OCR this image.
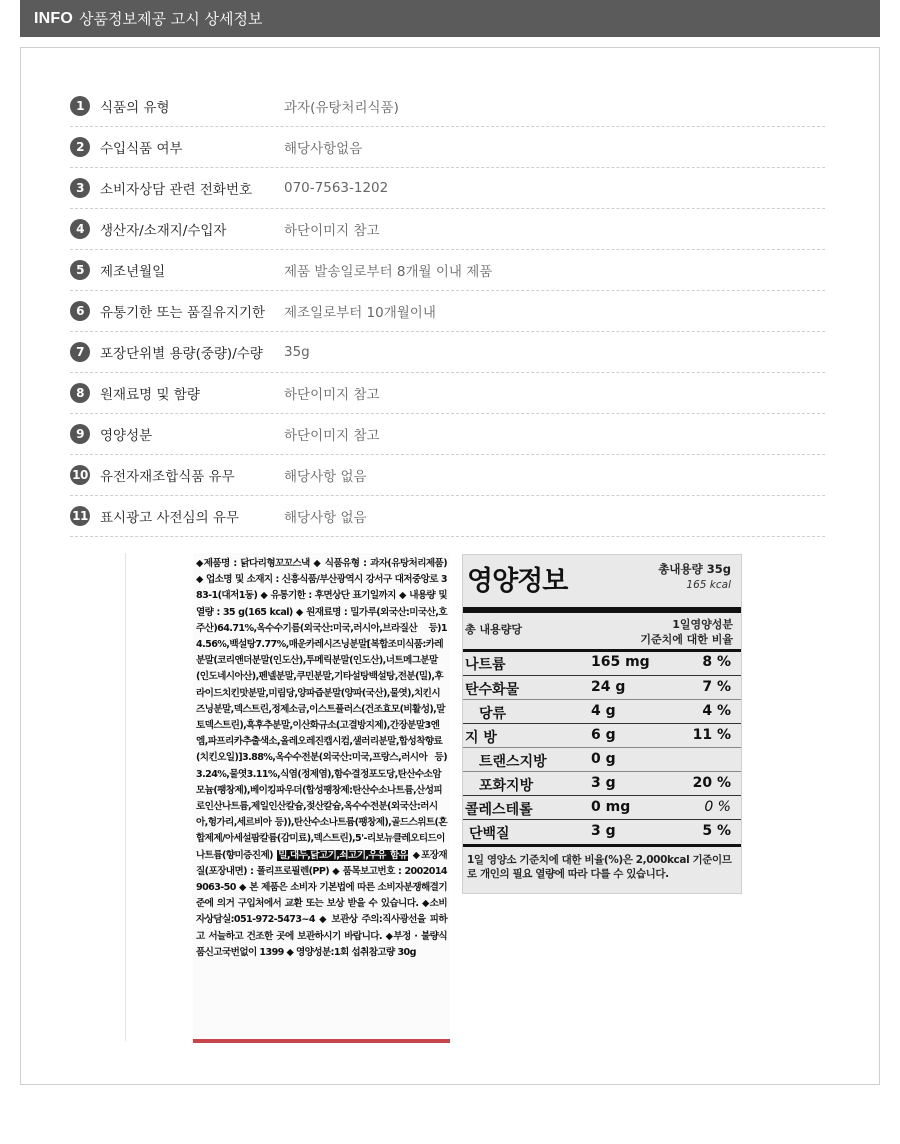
INFO 상품정보제공 고시 상세정보
1	식품의 유형	과자(유탕처리식품)
2	수입식품 여부	해당사항없음
3	소비자상담 관련 전화번호	070-7563-1202
4	생산자/소재지/수입자	하단이미지 참고
5	제조년월일	제품 발송일로부터 8개월 이내 제품
6	유통기한 또는 품질유지기한	제조일로부터 10개월이내
7	포장단위별 용량(중량)/수량	35g
8	원재료명 및 함량	하단이미지 참고
9	영양성분	하단이미지 참고
10 유전자재조합식품 유무	해당사항 없음
11 표시광고 사전심의 유무	해당사항 없음
◆제품명 : 닭다리형꼬꼬스낵 ◆ 식품유형 : 과자(유탕처리제품) ◆ 업소명 및 소재지 : 신흥식품/부산광역시 강서구 대저중앙로 383-1(대저1동) ◆ 유통기한 : 후면상단 표기일까지 ◆ 내용량 및 열량 : 35 g(165 kcal) ◆ 원재료명 : 밀가루(외국산:미국산,호주산)64.71%,옥수수기름(외국산:미국,러시아,브라질산 등)14.56%,백설탕7.77%,매운카레시즈닝분말[복합조미식품:카레분말(코리앤더분말(인도산),투메릭분말(인도산),너트메그분말(인도네시아산),펜넬분말,쿠민분말,기타설탕백설탕,전분(밀),후라이드치킨맛분말,미림당,양파즙분말(양파(국산),물엿),치킨시즈닝분말,덱스트린,정제소금,이스트플러스(건조효모(비활성),말토덱스트린),흑후추분말,이산화규소(고결방지제),간장분말3엔엠,파프리카추출색소,올레오레진캡시컴,샐러리분말,합성착향료(치킨오일)]3.88%,옥수수전분(외국산:미국,프랑스,러시아 등)3.24%,물엿3.11%,식염(정제염),함수결정포도당,탄산수소암모늄(팽창제),베이킹파우더(합성팽창제:탄산수소나트륨,산성피로인산나트륨,제일인산칼슘,젖산칼슘,옥수수전분(외국산:러시아,헝가리,세르비아 등)),탄산수소나트륨(팽창제),골드스위트(혼합제제/아세설팜칼륨(감미료),덱스트린),5'-리보뉴클레오티드이나트륨(향미증진제) 밀,대두,닭고기,쇠고기,우유 함유 ◆포장재질(포장내면) : 폴리프로필렌(PP) ◆ 품목보고번호 : 20020149063-50 ◆ 본 제품은 소비자 기본법에 따른 소비자분쟁해결기준에 의거 구입처에서 교환 또는 보상 받을 수 있습니다. ◆소비자상담실:051-972-5473~4 ◆ 보관상 주의:직사광선을 피하고 서늘하고 건조한 곳에 보관하시기 바랍니다. ◆부정 · 불량식품신고국번없이 1399 ◆ 영양성분:1회 섭취참고량 30g
영양정보	총내용량 35g
165 kcal
총 내용량당	1일영양성분
기준치에 대한 비율
나트륨	165 mg	8 %
탄수화물	24 g	7 %
당류	4 g	4 %
지 방	6 g	11 %
트랜스지방	0 g
포화지방	3 g	20 %
콜레스테롤	0 mg	0 %
단백질	3 g	5 %
1일 영양소 기준치에 대한 비율(%)은 2,000kcal 기준이므로 개인의 필요 열량에 따라 다를 수 있습니다.
